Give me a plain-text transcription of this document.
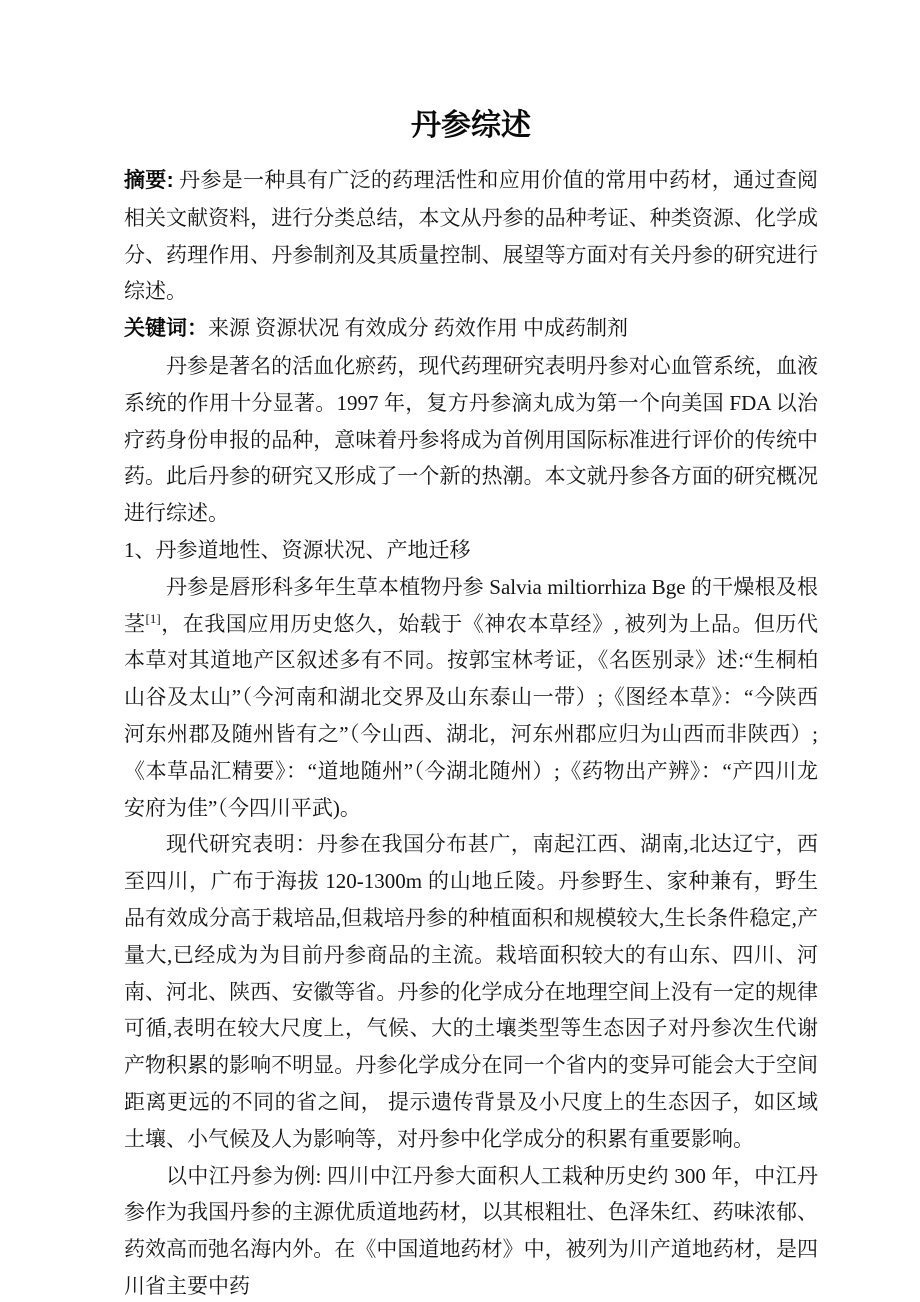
丹参综述

摘要: 丹参是一种具有广泛的药理活性和应用价值的常用中药材，通过查阅相关文献资料，进行分类总结，本文从丹参的品种考证、种类资源、化学成分、药理作用、丹参制剂及其质量控制、展望等方面对有关丹参的研究进行综述。

关键词：来源 资源状况 有效成分 药效作用 中成药制剂

丹参是著名的活血化瘀药，现代药理研究表明丹参对心血管系统，血液系统的作用十分显著。1997 年，复方丹参滴丸成为第一个向美国 FDA 以治疗药身份申报的品种，意味着丹参将成为首例用国际标准进行评价的传统中药。此后丹参的研究又形成了一个新的热潮。本文就丹参各方面的研究概况进行综述。

1、丹参道地性、资源状况、产地迁移

丹参是唇形科多年生草本植物丹参 Salvia miltiorrhiza Bge 的干燥根及根茎[1]，在我国应用历史悠久，始载于《神农本草经》, 被列为上品。但历代本草对其道地产区叙述多有不同。按郭宝林考证，《名医别录》述:“生桐柏山谷及太山”（今河南和湖北交界及山东泰山一带）;《图经本草》：“今陕西河东州郡及随州皆有之”（今山西、湖北，河东州郡应归为山西而非陕西）;《本草品汇精要》：“道地随州”（今湖北随州）;《药物出产辨》：“产四川龙安府为佳”（今四川平武)。

现代研究表明：丹参在我国分布甚广，南起江西、湖南,北达辽宁，西至四川，广布于海拔 120-1300m 的山地丘陵。丹参野生、家种兼有，野生品有效成分高于栽培品,但栽培丹参的种植面积和规模较大,生长条件稳定,产量大,已经成为为目前丹参商品的主流。栽培面积较大的有山东、四川、河南、河北、陕西、安徽等省。丹参的化学成分在地理空间上没有一定的规律可循,表明在较大尺度上，气候、大的土壤类型等生态因子对丹参次生代谢产物积累的影响不明显。丹参化学成分在同一个省内的变异可能会大于空间距离更远的不同的省之间， 提示遗传背景及小尺度上的生态因子，如区域土壤、小气候及人为影响等，对丹参中化学成分的积累有重要影响。

以中江丹参为例: 四川中江丹参大面积人工栽种历史约 300 年，中江丹参作为我国丹参的主源优质道地药材，以其根粗壮、色泽朱红、药味浓郁、药效高而弛名海内外。在《中国道地药材》中，被列为川产道地药材，是四川省主要中药
